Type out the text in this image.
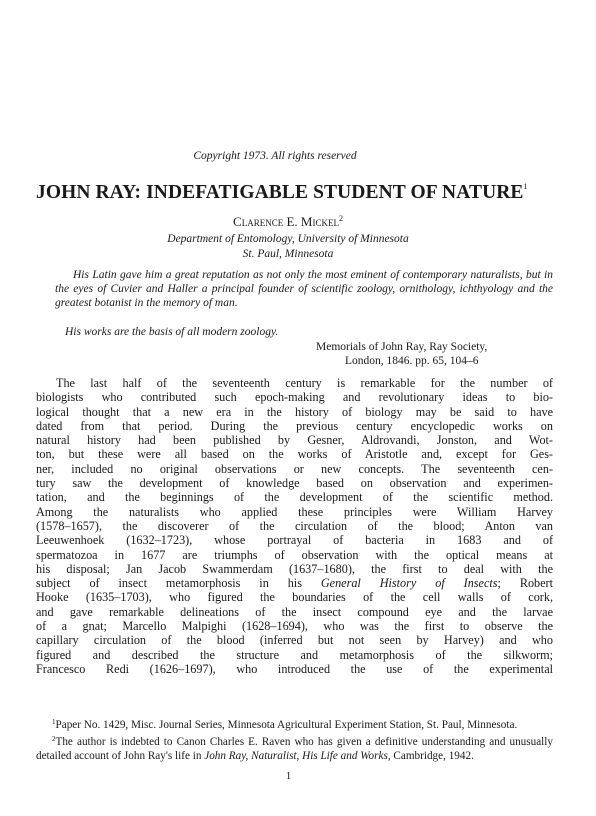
Copyright 1973. All rights reserved
JOHN RAY: INDEFATIGABLE STUDENT OF NATURE$^1$
Clarence E. Mickel$^2$
Department of Entomology, University of Minnesota
St. Paul, Minnesota

His Latin gave him a great reputation as not only the most eminent of contemporary naturalists, but in the eyes of Cuvier and Haller a principal founder of scientific zoology, ornithology, ichthyology and the greatest botanist in the memory of man.

His works are the basis of all modern zoology.
Memorials of John Ray, Ray Society,
London, 1846. pp. 65, 104–6
The last half of the seventeenth century is remarkable for the number of
biologists who contributed such epoch-making and revolutionary ideas to bio-
logical thought that a new era in the history of biology may be said to have
dated from that period. During the previous century encyclopedic works on
natural history had been published by Gesner, Aldrovandi, Jonston, and Wot-
ton, but these were all based on the works of Aristotle and, except for Ges-
ner, included no original observations or new concepts. The seventeenth cen-
tury saw the development of knowledge based on observation and experimen-
tation, and the beginnings of the development of the scientific method.
Among the naturalists who applied these principles were William Harvey
(1578–1657), the discoverer of the circulation of the blood; Anton van
Leeuwenhoek (1632–1723), whose portrayal of bacteria in 1683 and of
spermatozoa in 1677 are triumphs of observation with the optical means at
his disposal; Jan Jacob Swammerdam (1637–1680), the first to deal with the
subject of insect metamorphosis in his General History of Insects; Robert
Hooke (1635–1703), who figured the boundaries of the cell walls of cork,
and gave remarkable delineations of the insect compound eye and the larvae
of a gnat; Marcello Malpighi (1628–1694), who was the first to observe the
capillary circulation of the blood (inferred but not seen by Harvey) and who
figured and described the structure and metamorphosis of the silkworm;
Francesco Redi (1626–1697), who introduced the use of the experimental

$^1$Paper No. 1429, Misc. Journal Series, Minnesota Agricultural Experiment Station, St. Paul, Minnesota.

$^2$The author is indebted to Canon Charles E. Raven who has given a definitive understanding and unusually detailed account of John Ray's life in John Ray, Naturalist, His Life and Works, Cambridge, 1942.

1
